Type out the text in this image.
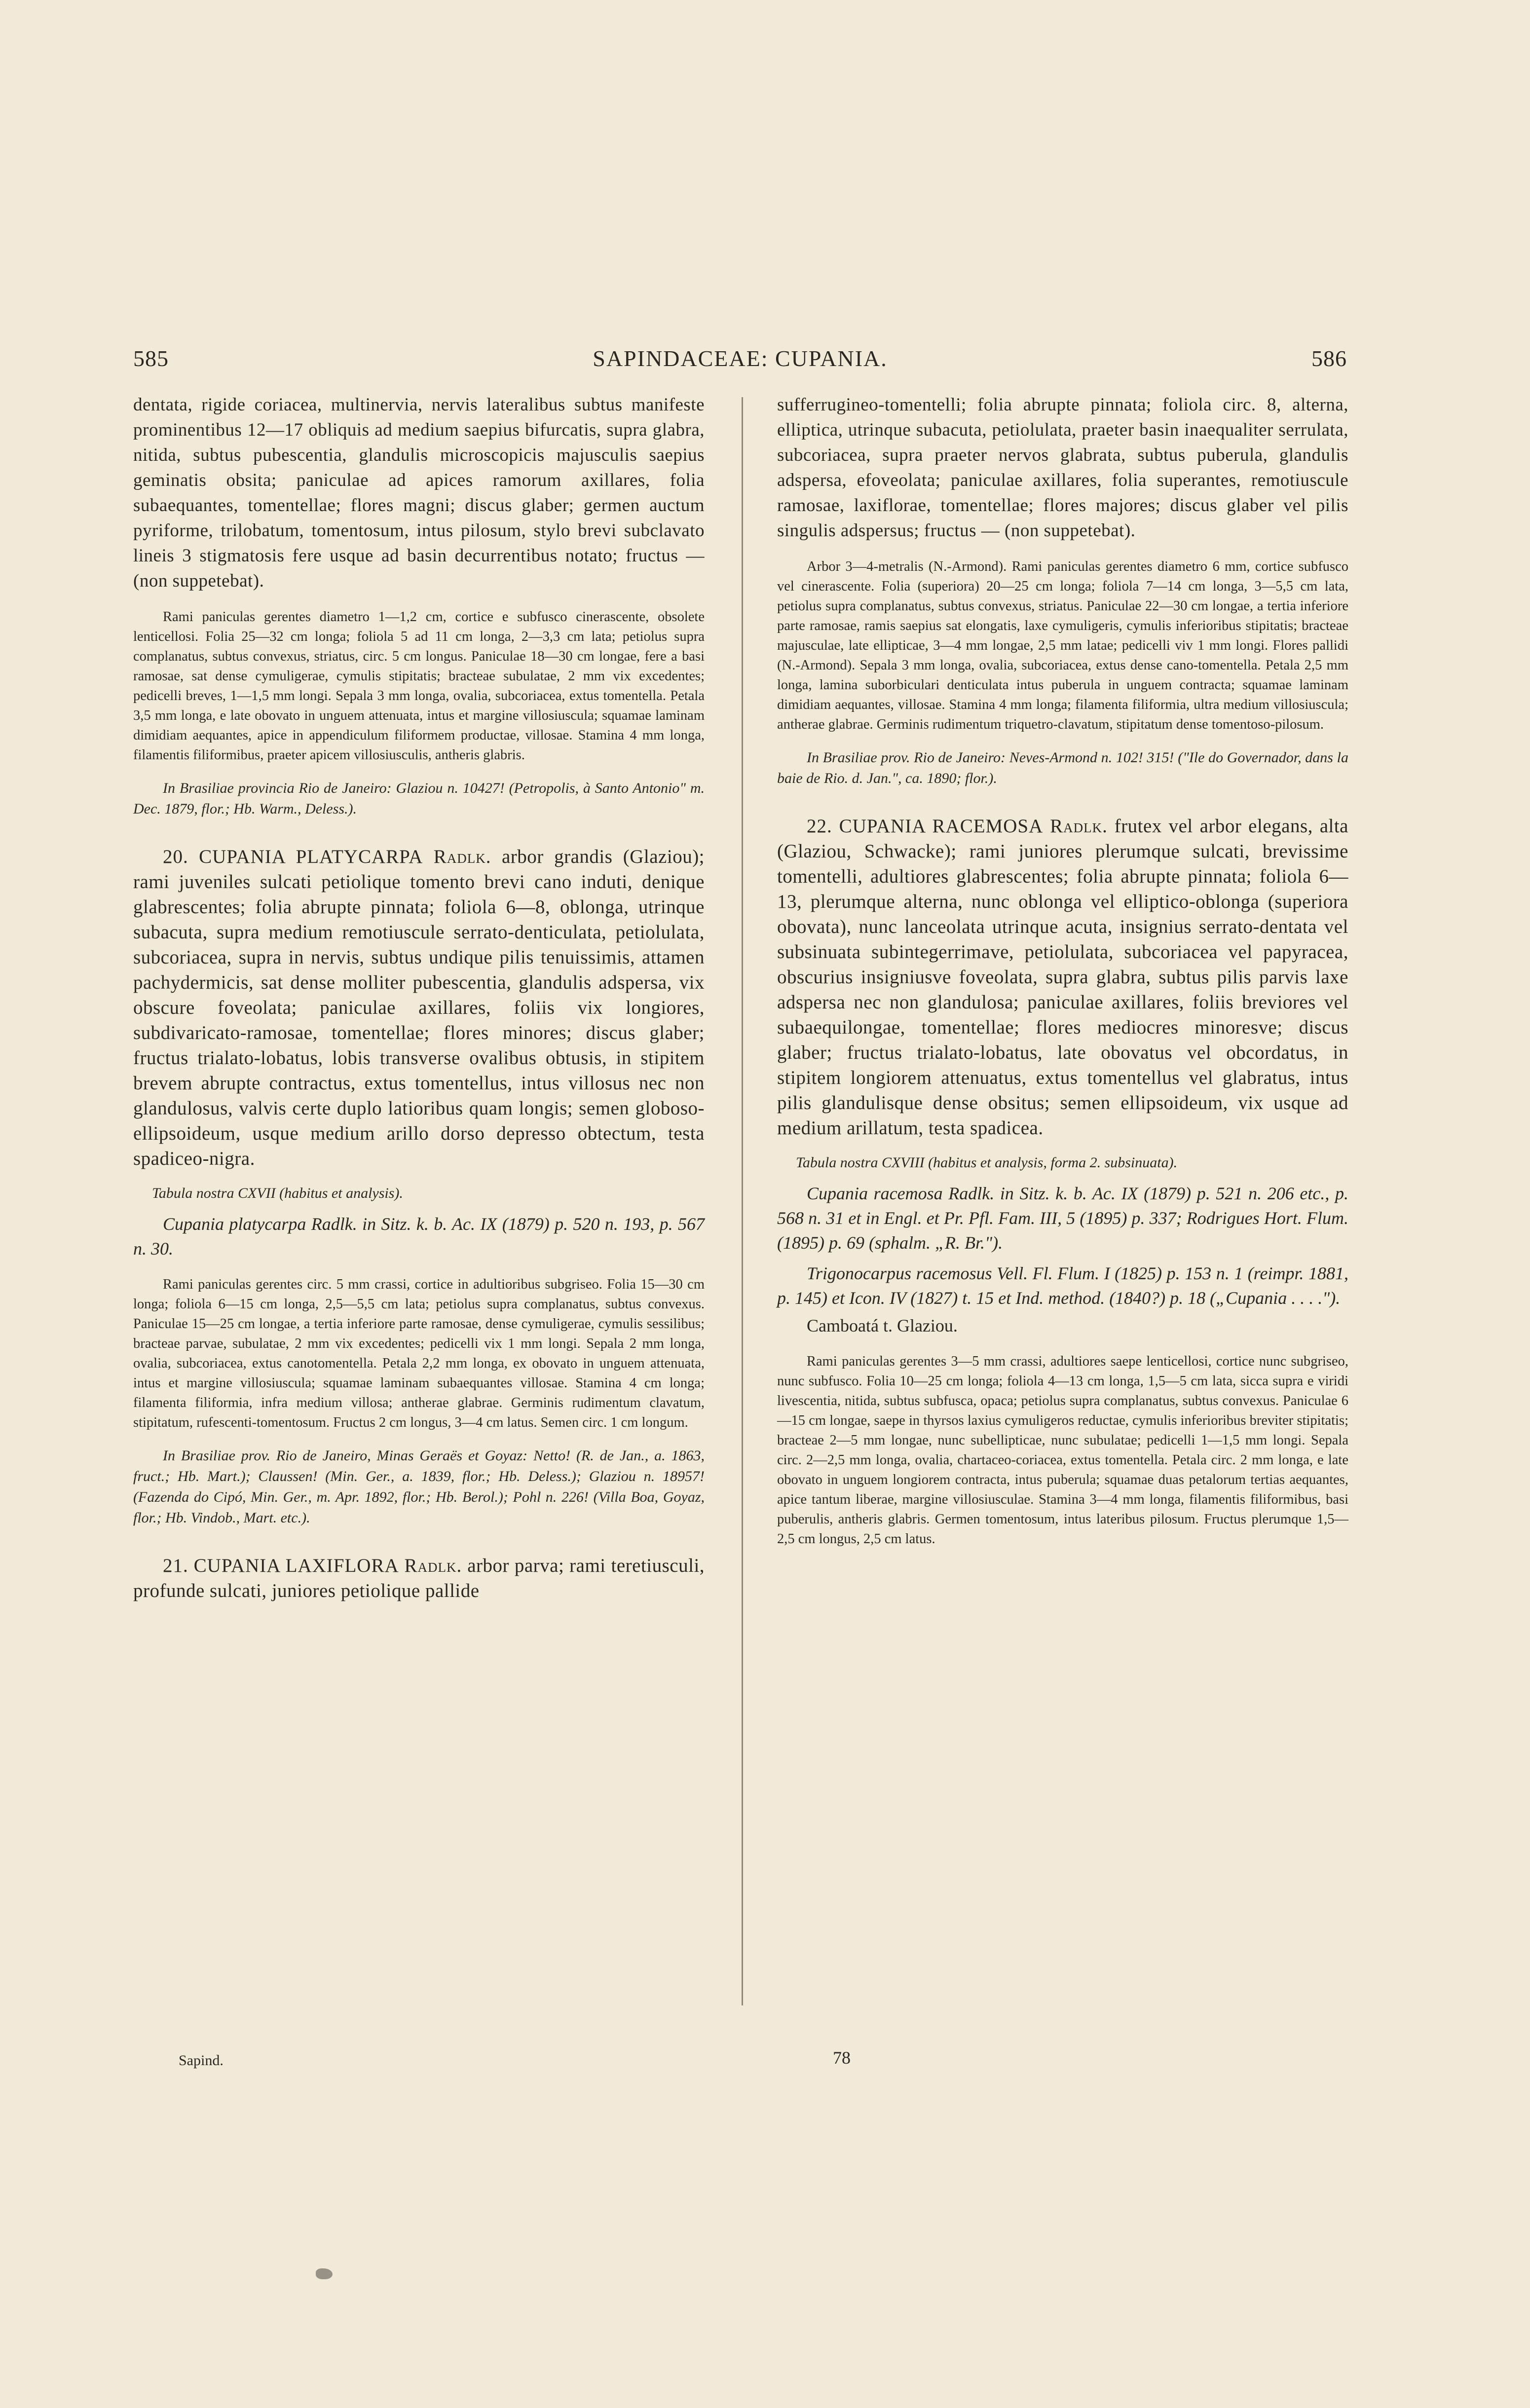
585	SAPINDACEAE: CUPANIA.	586

dentata, rigide coriacea, multinervia, nervis lateralibus subtus manifeste prominentibus 12—17 obliquis ad medium saepius bifurcatis, supra glabra, nitida, subtus pubescentia, glandulis microscopicis majusculis saepius geminatis obsita; paniculae ad apices ramorum axillares, folia subaequantes, tomentellae; flores magni; discus glaber; germen auctum pyriforme, trilobatum, tomentosum, intus pilosum, stylo brevi subclavato lineis 3 stigmatosis fere usque ad basin decurrentibus notato; fructus — (non suppetebat).

Rami paniculas gerentes diametro 1—1,2 cm, cortice e subfusco cinerascente, obsolete lenticellosi. Folia 25—32 cm longa; foliola 5 ad 11 cm longa, 2—3,3 cm lata; petiolus supra complanatus, subtus convexus, striatus, circ. 5 cm longus. Paniculae 18—30 cm longae, fere a basi ramosae, sat dense cymuligerae, cymulis stipitatis; bracteae subulatae, 2 mm vix excedentes; pedicelli breves, 1—1,5 mm longi. Sepala 3 mm longa, ovalia, subcoriacea, extus tomentella. Petala 3,5 mm longa, e late obovato in unguem attenuata, intus et margine villosiuscula; squamae laminam dimidiam aequantes, apice in appendiculum filiformem productae, villosae. Stamina 4 mm longa, filamentis filiformibus, praeter apicem villosiusculis, antheris glabris.

In Brasiliae provincia Rio de Janeiro: Glaziou n. 10427! (Petropolis, à Santo Antonio" m. Dec. 1879, flor.; Hb. Warm., Deless.).

20. CUPANIA PLATYCARPA Radlk. arbor grandis (Glaziou); rami juveniles sulcati petiolique tomento brevi cano induti, denique glabrescentes; folia abrupte pinnata; foliola 6—8, oblonga, utrinque subacuta, supra medium remotiuscule serrato-denticulata, petiolulata, subcoriacea, supra in nervis, subtus undique pilis tenuissimis, attamen pachydermicis, sat dense molliter pubescentia, glandulis adspersa, vix obscure foveolata; paniculae axillares, foliis vix longiores, subdivaricato-ramosae, tomentellae; flores minores; discus glaber; fructus trialato-lobatus, lobis transverse ovalibus obtusis, in stipitem brevem abrupte contractus, extus tomentellus, intus villosus nec non glandulosus, valvis certe duplo latioribus quam longis; semen globoso-ellipsoideum, usque medium arillo dorso depresso obtectum, testa spadiceo-nigra.

Tabula nostra CXVII (habitus et analysis).

Cupania platycarpa Radlk. in Sitz. k. b. Ac. IX (1879) p. 520 n. 193, p. 567 n. 30.

Rami paniculas gerentes circ. 5 mm crassi, cortice in adultioribus subgriseo. Folia 15—30 cm longa; foliola 6—15 cm longa, 2,5—5,5 cm lata; petiolus supra complanatus, subtus convexus. Paniculae 15—25 cm longae, a tertia inferiore parte ramosae, dense cymuligerae, cymulis sessilibus; bracteae parvae, subulatae, 2 mm vix excedentes; pedicelli vix 1 mm longi. Sepala 2 mm longa, ovalia, subcoriacea, extus canotomentella. Petala 2,2 mm longa, ex obovato in unguem attenuata, intus et margine villosiuscula; squamae laminam subaequantes villosae. Stamina 4 cm longa; filamenta filiformia, infra medium villosa; antherae glabrae. Germinis rudimentum clavatum, stipitatum, rufescenti-tomentosum. Fructus 2 cm longus, 3—4 cm latus. Semen circ. 1 cm longum.

In Brasiliae prov. Rio de Janeiro, Minas Geraës et Goyaz: Netto! (R. de Jan., a. 1863, fruct.; Hb. Mart.); Claussen! (Min. Ger., a. 1839, flor.; Hb. Deless.); Glaziou n. 18957! (Fazenda do Cipó, Min. Ger., m. Apr. 1892, flor.; Hb. Berol.); Pohl n. 226! (Villa Boa, Goyaz, flor.; Hb. Vindob., Mart. etc.).

21. CUPANIA LAXIFLORA Radlk. arbor parva; rami teretiusculi, profunde sulcati, juniores petiolique pallide

sufferrugineo-tomentelli; folia abrupte pinnata; foliola circ. 8, alterna, elliptica, utrinque subacuta, petiolulata, praeter basin inaequaliter serrulata, subcoriacea, supra praeter nervos glabrata, subtus puberula, glandulis adspersa, efoveolata; paniculae axillares, folia superantes, remotiuscule ramosae, laxiflorae, tomentellae; flores majores; discus glaber vel pilis singulis adspersus; fructus — (non suppetebat).

Arbor 3—4-metralis (N.-Armond). Rami paniculas gerentes diametro 6 mm, cortice subfusco vel cinerascente. Folia (superiora) 20—25 cm longa; foliola 7—14 cm longa, 3—5,5 cm lata, petiolus supra complanatus, subtus convexus, striatus. Paniculae 22—30 cm longae, a tertia inferiore parte ramosae, ramis saepius sat elongatis, laxe cymuligeris, cymulis inferioribus stipitatis; bracteae majusculae, late ellipticae, 3—4 mm longae, 2,5 mm latae; pedicelli viv 1 mm longi. Flores pallidi (N.-Armond). Sepala 3 mm longa, ovalia, subcoriacea, extus dense cano-tomentella. Petala 2,5 mm longa, lamina suborbiculari denticulata intus puberula in unguem contracta; squamae laminam dimidiam aequantes, villosae. Stamina 4 mm longa; filamenta filiformia, ultra medium villosiuscula; antherae glabrae. Germinis rudimentum triquetro-clavatum, stipitatum dense tomentoso-pilosum.

In Brasiliae prov. Rio de Janeiro: Neves-Armond n. 102! 315! ("Ile do Governador, dans la baie de Rio. d. Jan.", ca. 1890; flor.).

22. CUPANIA RACEMOSA Radlk. frutex vel arbor elegans, alta (Glaziou, Schwacke); rami juniores plerumque sulcati, brevissime tomentelli, adultiores glabrescentes; folia abrupte pinnata; foliola 6—13, plerumque alterna, nunc oblonga vel elliptico-oblonga (superiora obovata), nunc lanceolata utrinque acuta, insignius serrato-dentata vel subsinuata subintegerrimave, petiolulata, subcoriacea vel papyracea, obscurius insigniusve foveolata, supra glabra, subtus pilis parvis laxe adspersa nec non glandulosa; paniculae axillares, foliis breviores vel subaequilongae, tomentellae; flores mediocres minoresve; discus glaber; fructus trialato-lobatus, late obovatus vel obcordatus, in stipitem longiorem attenuatus, extus tomentellus vel glabratus, intus pilis glandulisque dense obsitus; semen ellipsoideum, vix usque ad medium arillatum, testa spadicea.

Tabula nostra CXVIII (habitus et analysis, forma 2. subsinuata).

Cupania racemosa Radlk. in Sitz. k. b. Ac. IX (1879) p. 521 n. 206 etc., p. 568 n. 31 et in Engl. et Pr. Pfl. Fam. III, 5 (1895) p. 337; Rodrigues Hort. Flum. (1895) p. 69 (sphalm. „R. Br.").

Trigonocarpus racemosus Vell. Fl. Flum. I (1825) p. 153 n. 1 (reimpr. 1881, p. 145) et Icon. IV (1827) t. 15 et Ind. method. (1840?) p. 18 („Cupania . . . .").

Camboatá t. Glaziou.

Rami paniculas gerentes 3—5 mm crassi, adultiores saepe lenticellosi, cortice nunc subgriseo, nunc subfusco. Folia 10—25 cm longa; foliola 4—13 cm longa, 1,5—5 cm lata, sicca supra e viridi livescentia, nitida, subtus subfusca, opaca; petiolus supra complanatus, subtus convexus. Paniculae 6—15 cm longae, saepe in thyrsos laxius cymuligeros reductae, cymulis inferioribus breviter stipitatis; bracteae 2—5 mm longae, nunc subellipticae, nunc subulatae; pedicelli 1—1,5 mm longi. Sepala circ. 2—2,5 mm longa, ovalia, chartaceo-coriacea, extus tomentella. Petala circ. 2 mm longa, e late obovato in unguem longiorem contracta, intus puberula; squamae duas petalorum tertias aequantes, apice tantum liberae, margine villosiusculae. Stamina 3—4 mm longa, filamentis filiformibus, basi puberulis, antheris glabris. Germen tomentosum, intus lateribus pilosum. Fructus plerumque 1,5—2,5 cm longus, 2,5 cm latus.

Sapind.	78
